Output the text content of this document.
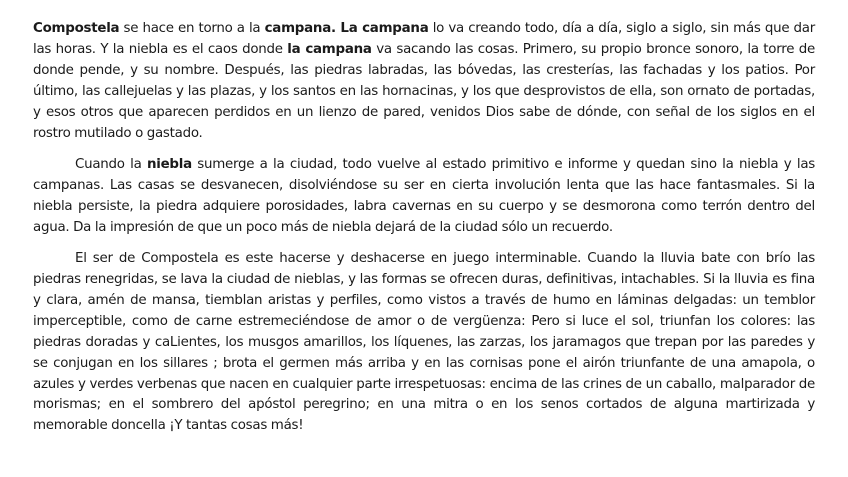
Compostela se hace en torno a la campana. La campana lo va creando todo, día a día, siglo a siglo, sin más que dar las horas. Y la niebla es el caos donde la campana va sacando las cosas. Primero, su propio bronce sonoro, la torre de donde pende, y su nombre. Después, las piedras labradas, las bóvedas, las cresterías, las fachadas y los patios. Por último, las callejuelas y las plazas, y los santos en las hornacinas, y los que desprovistos de ella, son ornato de portadas, y esos otros que aparecen perdidos en un lienzo de pared, venidos Dios sabe de dónde, con señal de los siglos en el rostro mutilado o gastado.

Cuando la niebla sumerge a la ciudad, todo vuelve al estado primitivo e informe y quedan sino la niebla y las campanas. Las casas se desvanecen, disolviéndose su ser en cierta involución lenta que las hace fantasmales. Si la niebla persiste, la piedra adquiere porosidades, labra cavernas en su cuerpo y se desmorona como terrón dentro del agua. Da la impresión de que un poco más de niebla dejará de la ciudad sólo un recuerdo.

El ser de Compostela es este hacerse y deshacerse en juego interminable. Cuando la lluvia bate con brío las piedras renegridas, se lava la ciudad de nieblas, y las formas se ofrecen duras, definitivas, intachables. Si la lluvia es fina y clara, amén de mansa, tiemblan aristas y perfiles, como vistos a través de humo en láminas delgadas: un temblor imperceptible, como de carne estremeciéndose de amor o de vergüenza: Pero si luce el sol, triunfan los colores: las piedras doradas y caLientes, los musgos amarillos, los líquenes, las zarzas, los jaramagos que trepan por las paredes y se conjugan en los sillares ; brota el germen más arriba y en las cornisas pone el airón triunfante de una amapola, o azules y verdes verbenas que nacen en cualquier parte irrespetuosas: encima de las crines de un caballo, malparador de morismas; en el sombrero del apóstol peregrino; en una mitra o en los senos cortados de alguna martirizada y memorable doncella ¡Y tantas cosas más!
